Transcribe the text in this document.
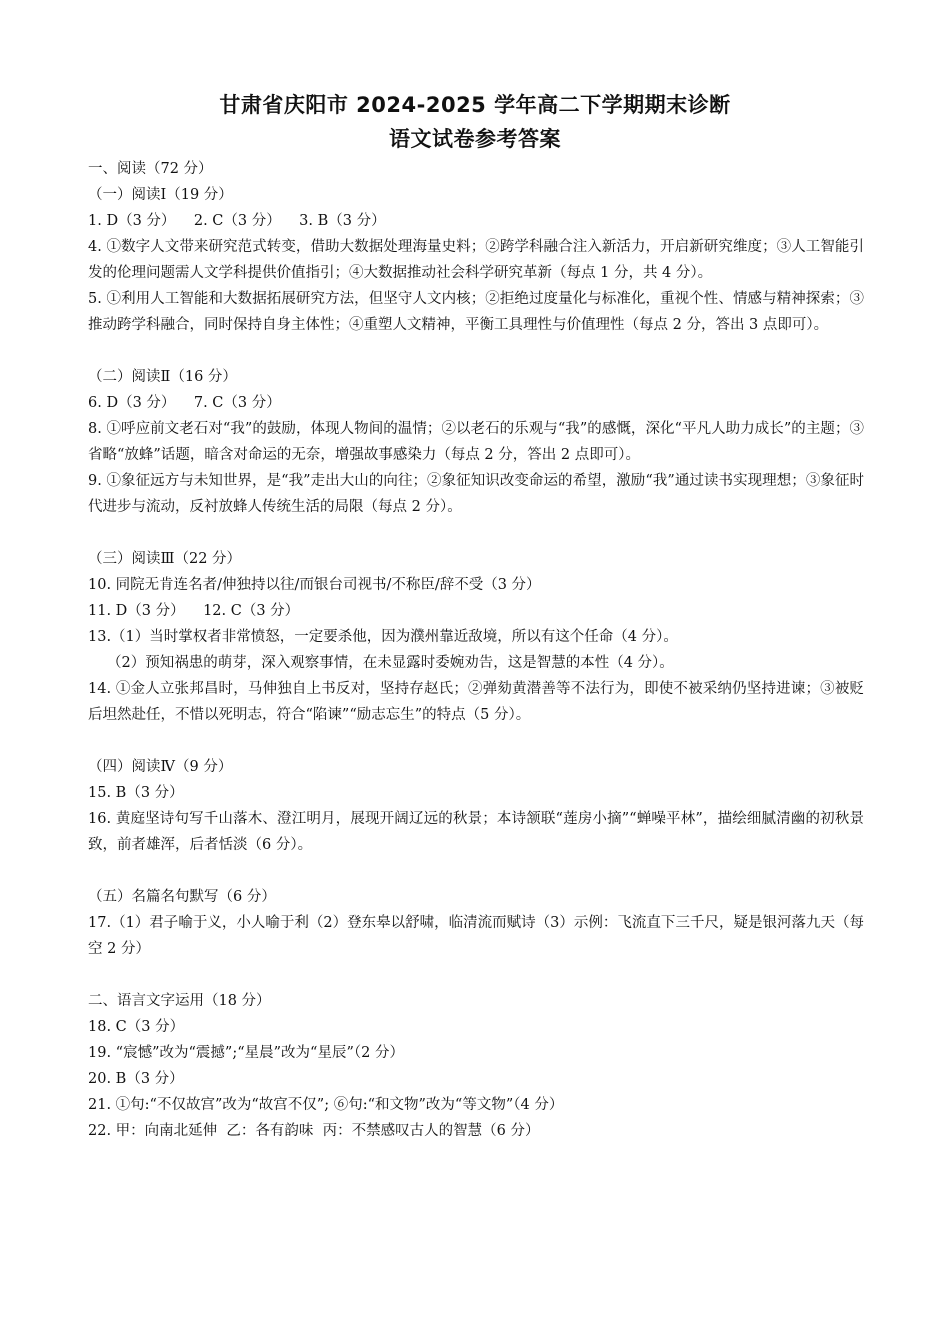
甘肃省庆阳市 2024-2025 学年高二下学期期末诊断
语文试卷参考答案
一、阅读（72 分）
（一）阅读Ⅰ（19 分）
1. D（3 分）    2. C（3 分）    3. B（3 分）
4. ①数字人文带来研究范式转变，借助大数据处理海量史料；②跨学科融合注入新活力，开启新研究维度；③人工智能引发的伦理问题需人文学科提供价值指引；④大数据推动社会科学研究革新（每点 1 分，共 4 分）。
5. ①利用人工智能和大数据拓展研究方法，但坚守人文内核；②拒绝过度量化与标准化，重视个性、情感与精神探索；③推动跨学科融合，同时保持自身主体性；④重塑人文精神，平衡工具理性与价值理性（每点 2 分，答出 3 点即可）。
（二）阅读Ⅱ（16 分）
6. D（3 分）    7. C（3 分）
8. ①呼应前文老石对“我”的鼓励，体现人物间的温情；②以老石的乐观与“我”的感慨，深化“平凡人助力成长”的主题；③省略“放蜂”话题，暗含对命运的无奈，增强故事感染力（每点 2 分，答出 2 点即可）。
9. ①象征远方与未知世界，是“我”走出大山的向往；②象征知识改变命运的希望，激励“我”通过读书实现理想；③象征时代进步与流动，反衬放蜂人传统生活的局限（每点 2 分）。
（三）阅读Ⅲ（22 分）
10. 同院无肯连名者/伸独持以往/而银台司视书/不称臣/辞不受（3 分）
11. D（3 分）    12. C（3 分）
13.（1）当时掌权者非常愤怒，一定要杀他，因为濮州靠近敌境，所以有这个任命（4 分）。
（2）预知祸患的萌芽，深入观察事情，在未显露时委婉劝告，这是智慧的本性（4 分）。
14. ①金人立张邦昌时，马伸独自上书反对，坚持存赵氏；②弹劾黄潜善等不法行为，即使不被采纳仍坚持进谏；③被贬后坦然赴任，不惜以死明志，符合“陷谏”“励志忘生”的特点（5 分）。
（四）阅读Ⅳ（9 分）
15. B（3 分）
16. 黄庭坚诗句写千山落木、澄江明月，展现开阔辽远的秋景；本诗颔联“莲房小摘”“蝉噪平林”，描绘细腻清幽的初秋景致，前者雄浑，后者恬淡（6 分）。
（五）名篇名句默写（6 分）
17.（1）君子喻于义，小人喻于利（2）登东皋以舒啸，临清流而赋诗（3）示例：飞流直下三千尺，疑是银河落九天（每空 2 分）
二、语言文字运用（18 分）
18. C（3 分）
19. “宸憾”改为“震撼”;“星晨”改为“星辰”（2 分）
20. B（3 分）
21. ①句:“不仅故宫”改为“故宫不仅”; ⑥句:“和文物”改为“等文物”（4 分）
22. 甲：向南北延伸  乙：各有韵味  丙：不禁感叹古人的智慧（6 分）
